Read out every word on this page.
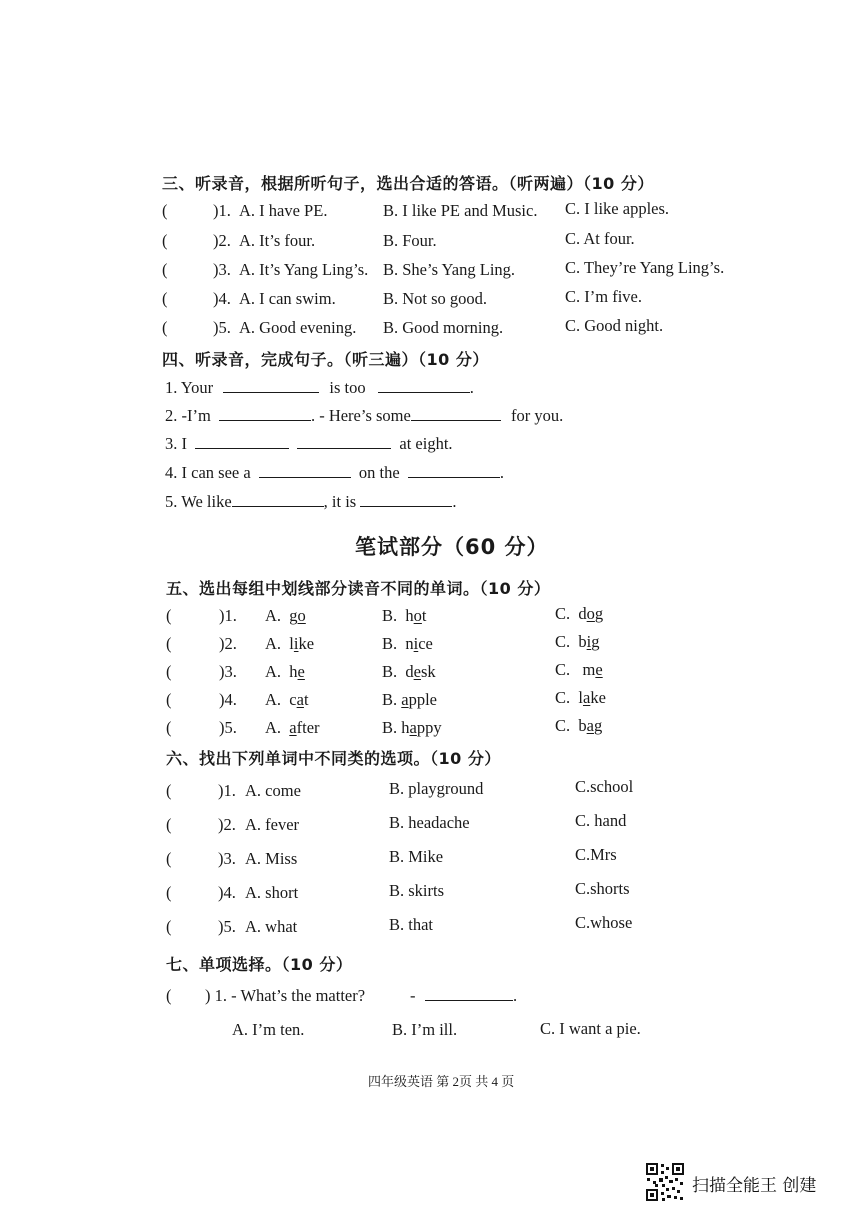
三、听录音，根据所听句子，选出合适的答语。（听两遍）（10 分）
(	)1. A. I have PE.	B. I like PE and Music. C. I like apples.
(	)2. A. It’s four.	B. Four.	C. At four.
(	)3. A. It’s Yang Ling’s. B. She’s Yang Ling.	C. They’re Yang Ling’s.
(	)4. A. I can swim.	B. Not so good.	C. I’m five.
(	)5. A. Good evening. B. Good morning.	C. Good night.
四、听录音，完成句子。（听三遍）（10 分）
1. Your	is too	.
2. -I’m	. - Here’s some	for you.
3. I	at eight.
4. I can see a	on the	.
5. We like	, it is	.
笔试部分（60 分）
五、选出每组中划线部分读音不同的单词。（10 分）
(	)1. A. go	B. hot	C. dog
(	)2. A. like	B. nice	C. big
(	)3. A. he	B. desk	C. me
(	)4. A. cat	B. apple	C. lake
(	)5. A. after	B. happy	C. bag
六、找出下列单词中不同类的选项。（10 分）
(	)1. A. come	B. playground	C.school
(	)2. A. fever	B. headache	C. hand
(	)3. A. Miss	B. Mike	C.Mrs
(	)4. A. short	B. skirts	C.shorts
(	)5. A. what	B. that	C.whose
七、单项选择。（10 分）
( ) 1. - What’s the matter?	-	.
A. I’m ten.	B. I’m ill.	C. I want a pie.
四年级英语 第 2页 共 4 页
扫描全能王 创建
